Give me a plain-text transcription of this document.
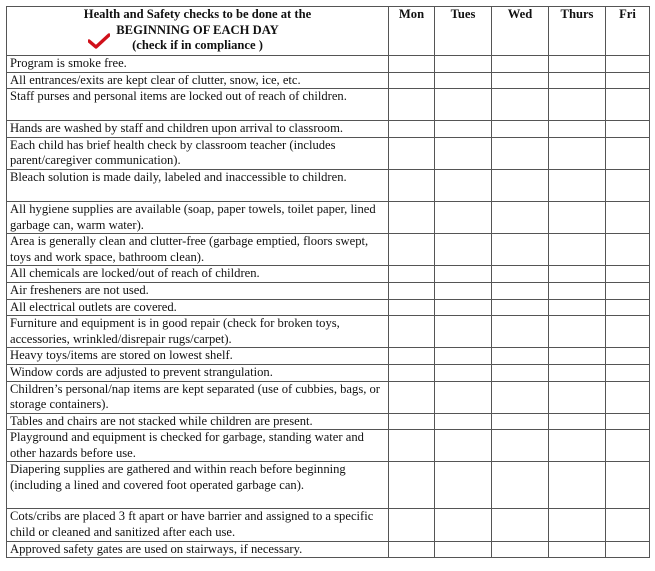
Health and Safety checks to be done at the
BEGINNING OF EACH DAY
(check if in compliance )	Mon	Tues	Wed	Thurs	Fri
Program is smoke free.					
All entrances/exits are kept clear of clutter, snow, ice, etc.					
Staff purses and personal items are locked out of reach of children.					
Hands are washed by staff and children upon arrival to classroom.					
Each child has brief health check by classroom teacher (includes parent/caregiver communication).					
Bleach solution is made daily, labeled and inaccessible to children.					
All hygiene supplies are available (soap, paper towels, toilet paper, lined garbage can, warm water).					
Area is generally clean and clutter-free (garbage emptied, floors swept, toys and work space, bathroom clean).					
All chemicals are locked/out of reach of children.					
Air fresheners are not used.					
All electrical outlets are covered.					
Furniture and equipment is in good repair (check for broken toys, accessories, wrinkled/disrepair rugs/carpet).					
Heavy toys/items are stored on lowest shelf.					
Window cords are adjusted to prevent strangulation.					
Children’s personal/nap items are kept separated (use of cubbies, bags, or storage containers).					
Tables and chairs are not stacked while children are present.					
Playground and equipment is checked for garbage, standing water and other hazards before use.					
Diapering supplies are gathered and within reach before beginning (including a lined and covered foot operated garbage can).					
Cots/cribs are placed 3 ft apart or have barrier and assigned to a specific child or cleaned and sanitized after each use.					
Approved safety gates are used on stairways, if necessary.					
